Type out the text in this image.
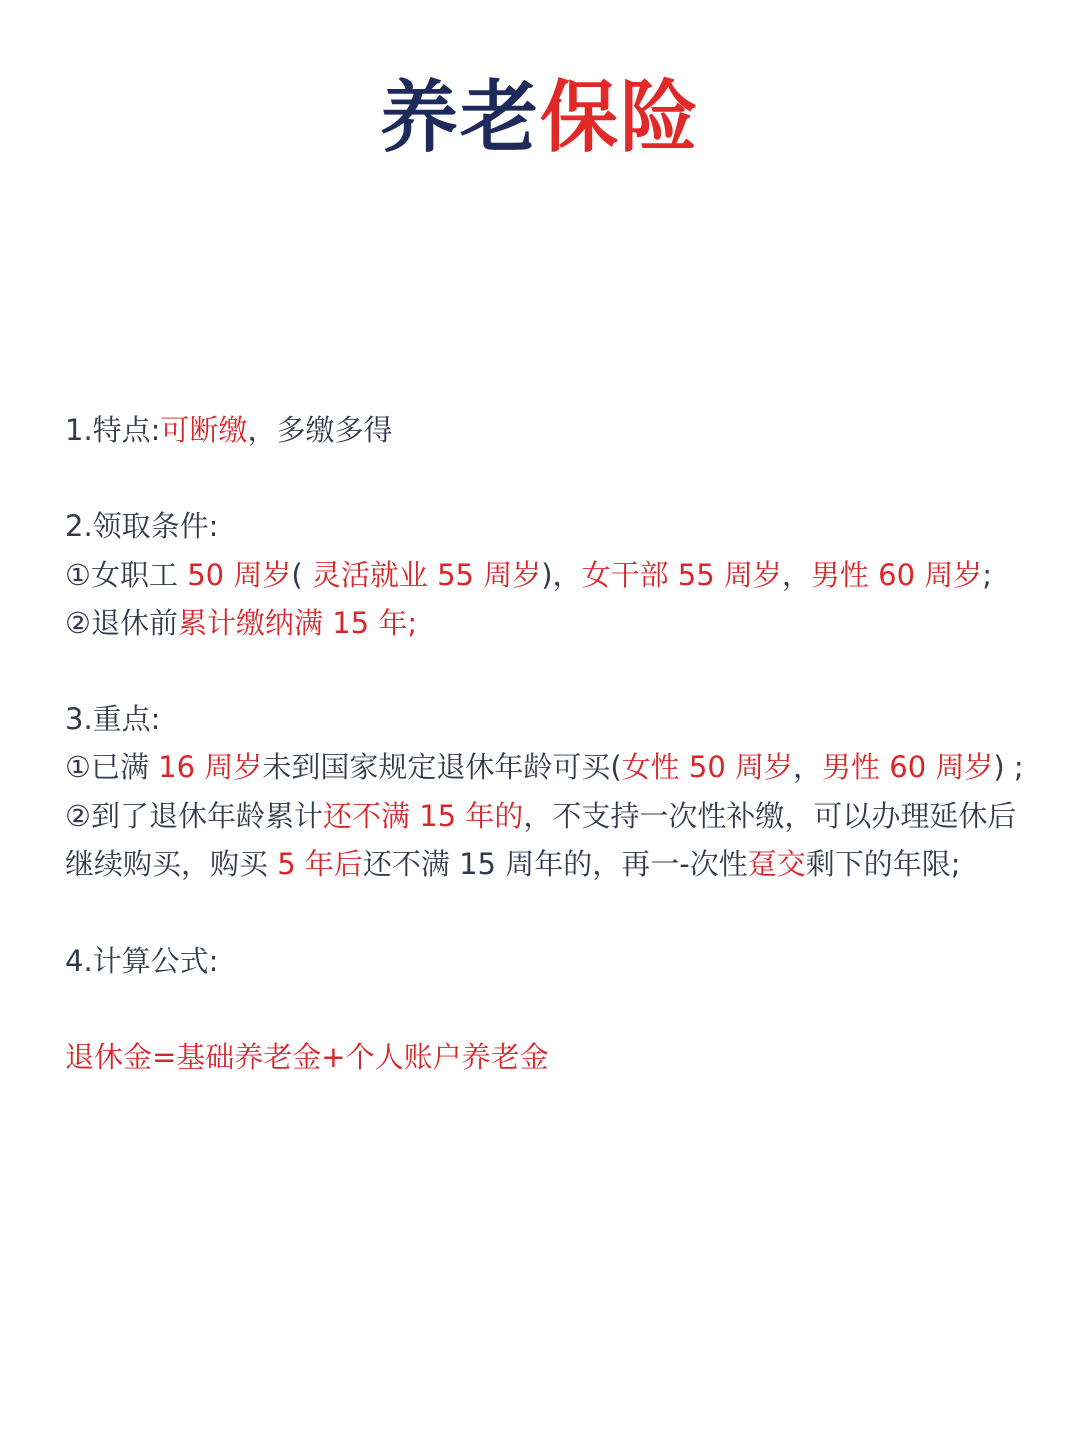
养老保险
1.特点:可断缴，多缴多得
2.领取条件:
①女职工 50 周岁( 灵活就业 55 周岁)，女干部 55 周岁，男性 60 周岁;
②退休前累计缴纳满 15 年;
3.重点:
①已满 16 周岁未到国家规定退休年龄可买(女性 50 周岁，男性 60 周岁) ;
②到了退休年龄累计还不满 15 年的，不支持一次性补缴，可以办理延休后
继续购买，购买 5 年后还不满 15 周年的，再一-次性趸交剩下的年限;
4.计算公式:
退休金=基础养老金+个人账户养老金
